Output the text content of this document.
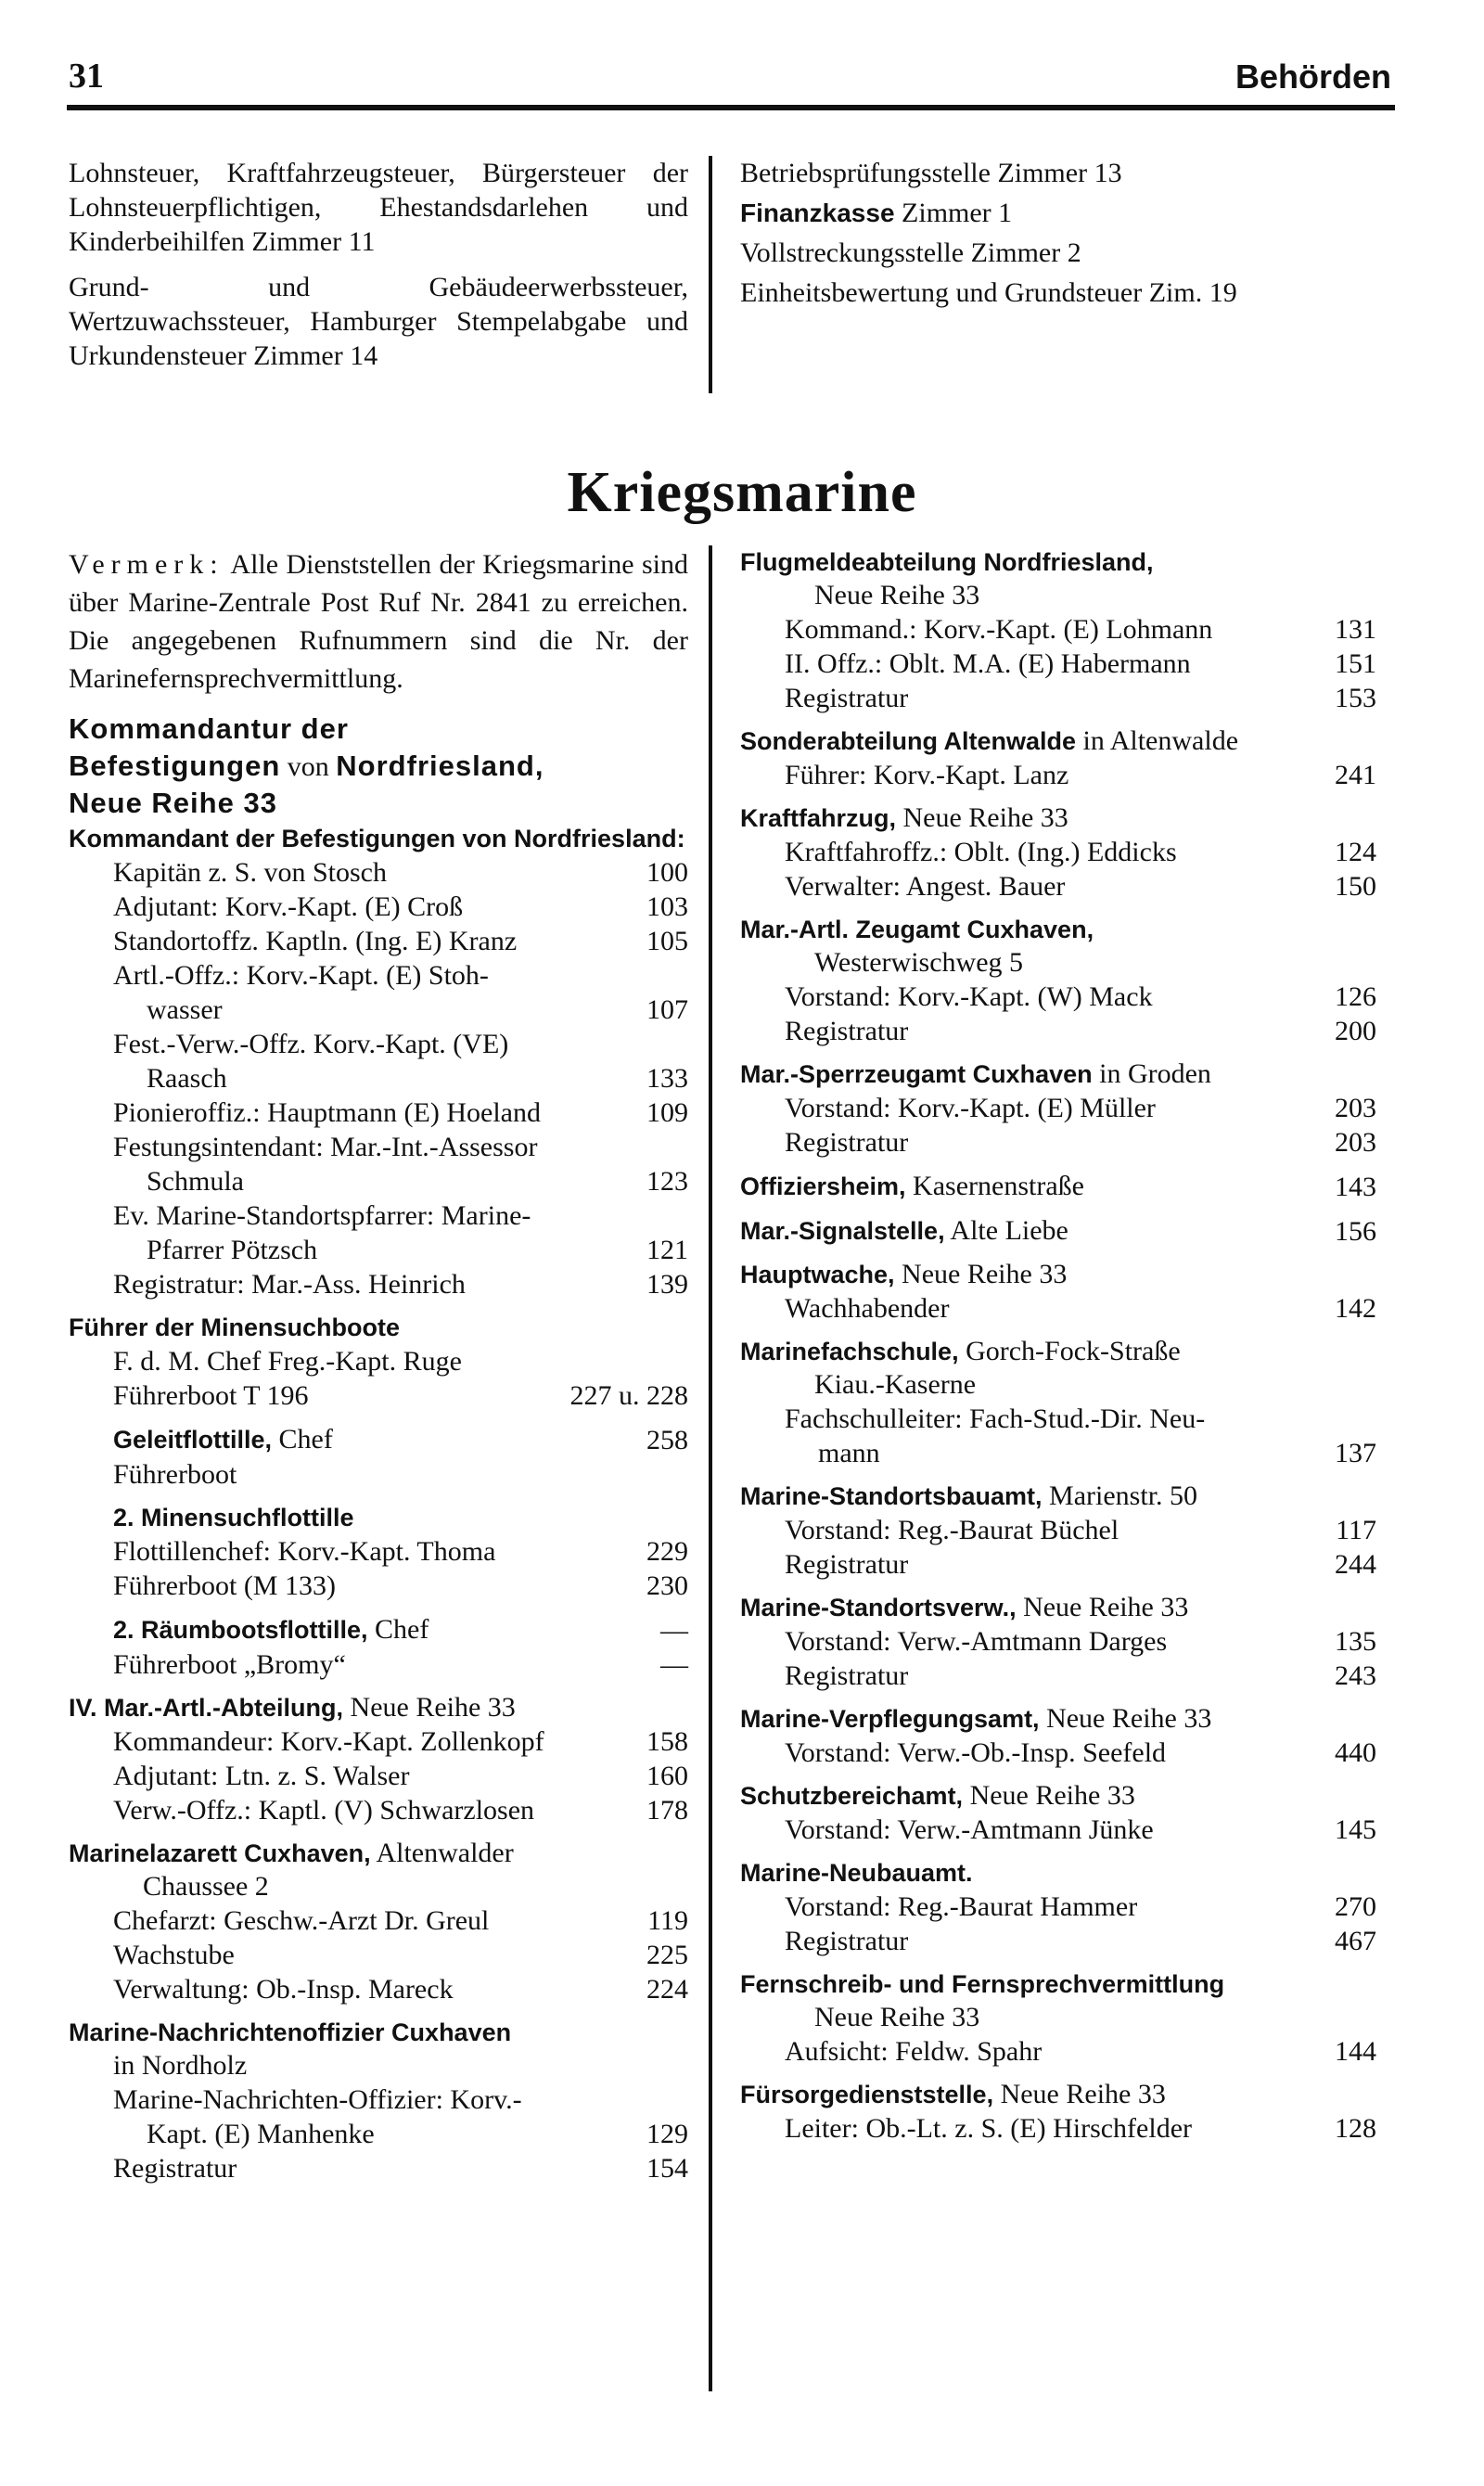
31	Behörden

Lohnsteuer, Kraftfahrzeugsteuer, Bürgersteuer der Lohnsteuerpflichtigen, Ehestandsdarlehen und Kinderbeihilfen Zimmer 11

Grund- und Gebäudeerwerbssteuer, Wertzuwachssteuer, Hamburger Stempelabgabe und Urkundensteuer Zimmer 14

Betriebsprüfungsstelle Zimmer 13

Finanzkasse Zimmer 1

Vollstreckungsstelle Zimmer 2

Einheitsbewertung und Grundsteuer Zim. 19

Kriegsmarine

Vermerk: Alle Dienststellen der Kriegsmarine sind über Marine-Zentrale Post Ruf Nr. 2841 zu erreichen. Die angegebenen Rufnummern sind die Nr. der Marinefernsprechvermittlung.

Kommandantur der
Befestigungen von Nordfriesland,
Neue Reihe 33
Kommandant der Befestigungen von Nordfriesland:
Kapitän z. S. von Stosch	100
Adjutant: Korv.-Kapt. (E) Croß	103
Standortoffz. Kaptln. (Ing. E) Kranz	105
Artl.-Offz.: Korv.-Kapt. (E) Stoh-
wasser	107
Fest.-Verw.-Offz. Korv.-Kapt. (VE)
Raasch	133
Pionieroffiz.: Hauptmann (E) Hoeland	109
Festungsintendant: Mar.-Int.-Assessor
Schmula	123
Ev. Marine-Standortspfarrer: Marine-
Pfarrer Pötzsch	121
Registratur: Mar.-Ass. Heinrich	139
Führer der Minensuchboote
F. d. M. Chef Freg.-Kapt. Ruge
Führerboot T 196	227 u. 228
Geleitflottille, Chef	258
Führerboot
2. Minensuchflottille
Flottillenchef: Korv.-Kapt. Thoma	229
Führerboot (M 133)	230
2. Räumbootsflottille, Chef	—
Führerboot „Bromy“	—
IV. Mar.-Artl.-Abteilung, Neue Reihe 33
Kommandeur: Korv.-Kapt. Zollenkopf	158
Adjutant: Ltn. z. S. Walser	160
Verw.-Offz.: Kaptl. (V) Schwarzlosen	178
Marinelazarett Cuxhaven, Altenwalder
Chaussee 2
Chefarzt: Geschw.-Arzt Dr. Greul	119
Wachstube	225
Verwaltung: Ob.-Insp. Mareck	224
Marine-Nachrichtenoffizier Cuxhaven
in Nordholz
Marine-Nachrichten-Offizier: Korv.-
Kapt. (E) Manhenke	129
Registratur	154
Flugmeldeabteilung Nordfriesland,
Neue Reihe 33
Kommand.: Korv.-Kapt. (E) Lohmann	131
II. Offz.: Oblt. M.A. (E) Habermann	151
Registratur	153
Sonderabteilung Altenwalde in Altenwalde
Führer: Korv.-Kapt. Lanz	241
Kraftfahrzug, Neue Reihe 33
Kraftfahroffz.: Oblt. (Ing.) Eddicks	124
Verwalter: Angest. Bauer	150
Mar.-Artl. Zeugamt Cuxhaven,
Westerwischweg 5
Vorstand: Korv.-Kapt. (W) Mack	126
Registratur	200
Mar.-Sperrzeugamt Cuxhaven in Groden
Vorstand: Korv.-Kapt. (E) Müller	203
Registratur	203
Offiziersheim, Kasernenstraße	143
Mar.-Signalstelle, Alte Liebe	156
Hauptwache, Neue Reihe 33
Wachhabender	142
Marinefachschule, Gorch-Fock-Straße
Kiau.-Kaserne
Fachschulleiter: Fach-Stud.-Dir. Neu-
mann	137
Marine-Standortsbauamt, Marienstr. 50
Vorstand: Reg.-Baurat Büchel	117
Registratur	244
Marine-Standortsverw., Neue Reihe 33
Vorstand: Verw.-Amtmann Darges	135
Registratur	243
Marine-Verpflegungsamt, Neue Reihe 33
Vorstand: Verw.-Ob.-Insp. Seefeld	440
Schutzbereichamt, Neue Reihe 33
Vorstand: Verw.-Amtmann Jünke	145
Marine-Neubauamt.
Vorstand: Reg.-Baurat Hammer	270
Registratur	467
Fernschreib- und Fernsprechvermittlung
Neue Reihe 33
Aufsicht: Feldw. Spahr	144
Fürsorgedienststelle, Neue Reihe 33
Leiter: Ob.-Lt. z. S. (E) Hirschfelder	128
